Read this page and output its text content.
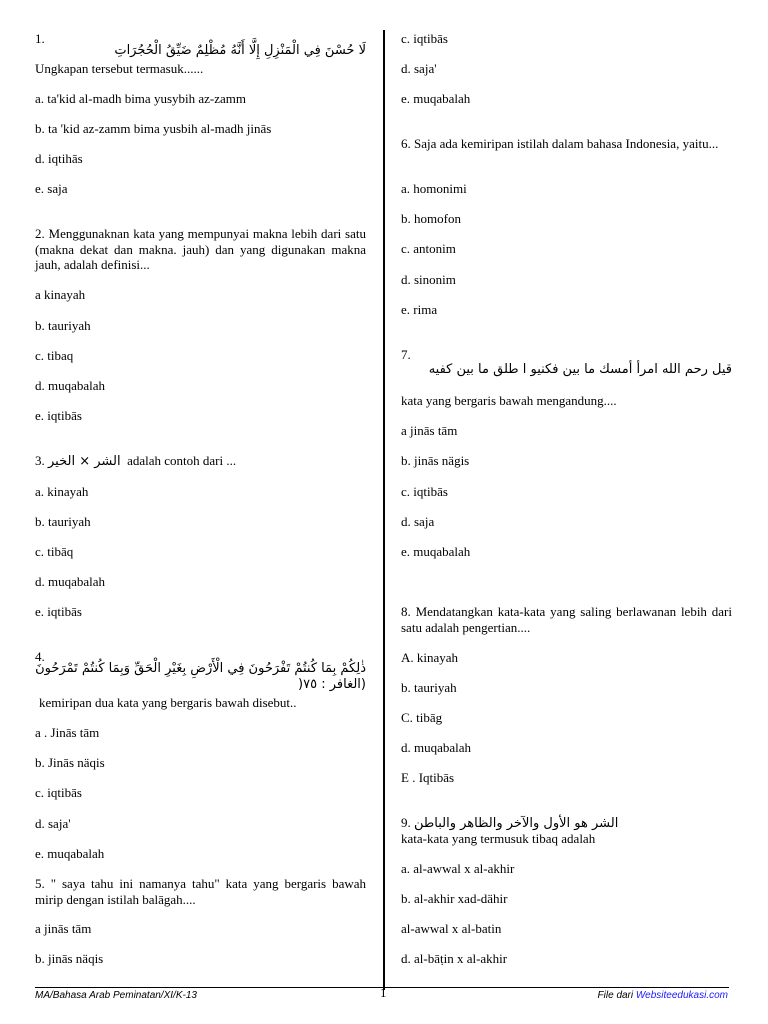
1.
لَا حُسْنَ فِي الْمَنْزِلِ إِلَّا أَنَّهُ مُظْلِمٌ ضَيِّقُ الْحُجُرَاتِ
Ungkapan tersebut termasuk......
a. ta'kid al-madh bima yusybih az-zamm
b. ta 'kid az-zamm bima yusbih al-madh jinās
d. iqtihās
e. saja
2. Menggunaknan kata yang mempunyai makna lebih dari satu (makna dekat dan makna. jauh) dan yang digunakan makna jauh, adalah definisi...
a kinayah
b. tauriyah
c. tibaq
d. muqabalah
e. iqtibās
3. الشر × الخير adalah contoh dari ...
a. kinayah
b. tauriyah
c. tibāq
d. muqabalah
e. iqtibās
4.
ذٰلِكُمْ بِمَا كُنتُمْ تَفْرَحُونَ فِي الْأَرْضِ بِغَيْرِ الْحَقِّ وَبِمَا كُنتُمْ تَمْرَحُونَ (الغافر : ٧٥(
kemiripan dua kata yang bergaris bawah disebut..
a . Jinās tām
b. Jinās näqis
c. iqtibās
d. saja'
e. muqabalah
5. " saya tahu ini namanya tahu" kata yang bergaris bawah mirip dengan istilah balāgah....
a jinās tām
b. jinās näqis
c. iqtibās
d. saja'
e. muqabalah
6. Saja ada kemiripan istilah dalam bahasa Indonesia, yaitu...
a. homonimi
b. homofon
c. antonim
d. sinonim
e. rima
7.
قيل رحم الله امرأ أمسك ما بين فكنيو ا طلق ما بين كفيه
kata yang bergaris bawah mengandung....
a jinās tām
b. jinās nägis
c. iqtibās
d. saja
e. muqabalah
8. Mendatangkan kata-kata yang saling berlawanan lebih dari satu adalah pengertian....
A. kinayah
b. tauriyah
C. tibāg
d. muqabalah
E . Iqtibās
9. الشر هو الأول والآخر والظاهر والباطن
kata-kata yang termusuk tibaq adalah
a. al-awwal x al-akhir
b. al-akhir xad-dähir
al-awwal x al-batin
d. al-bāṭin x al-akhir
MA/Bahasa Arab Peminatan/XI/K-13	1	File dari Websiteedukasi.com
